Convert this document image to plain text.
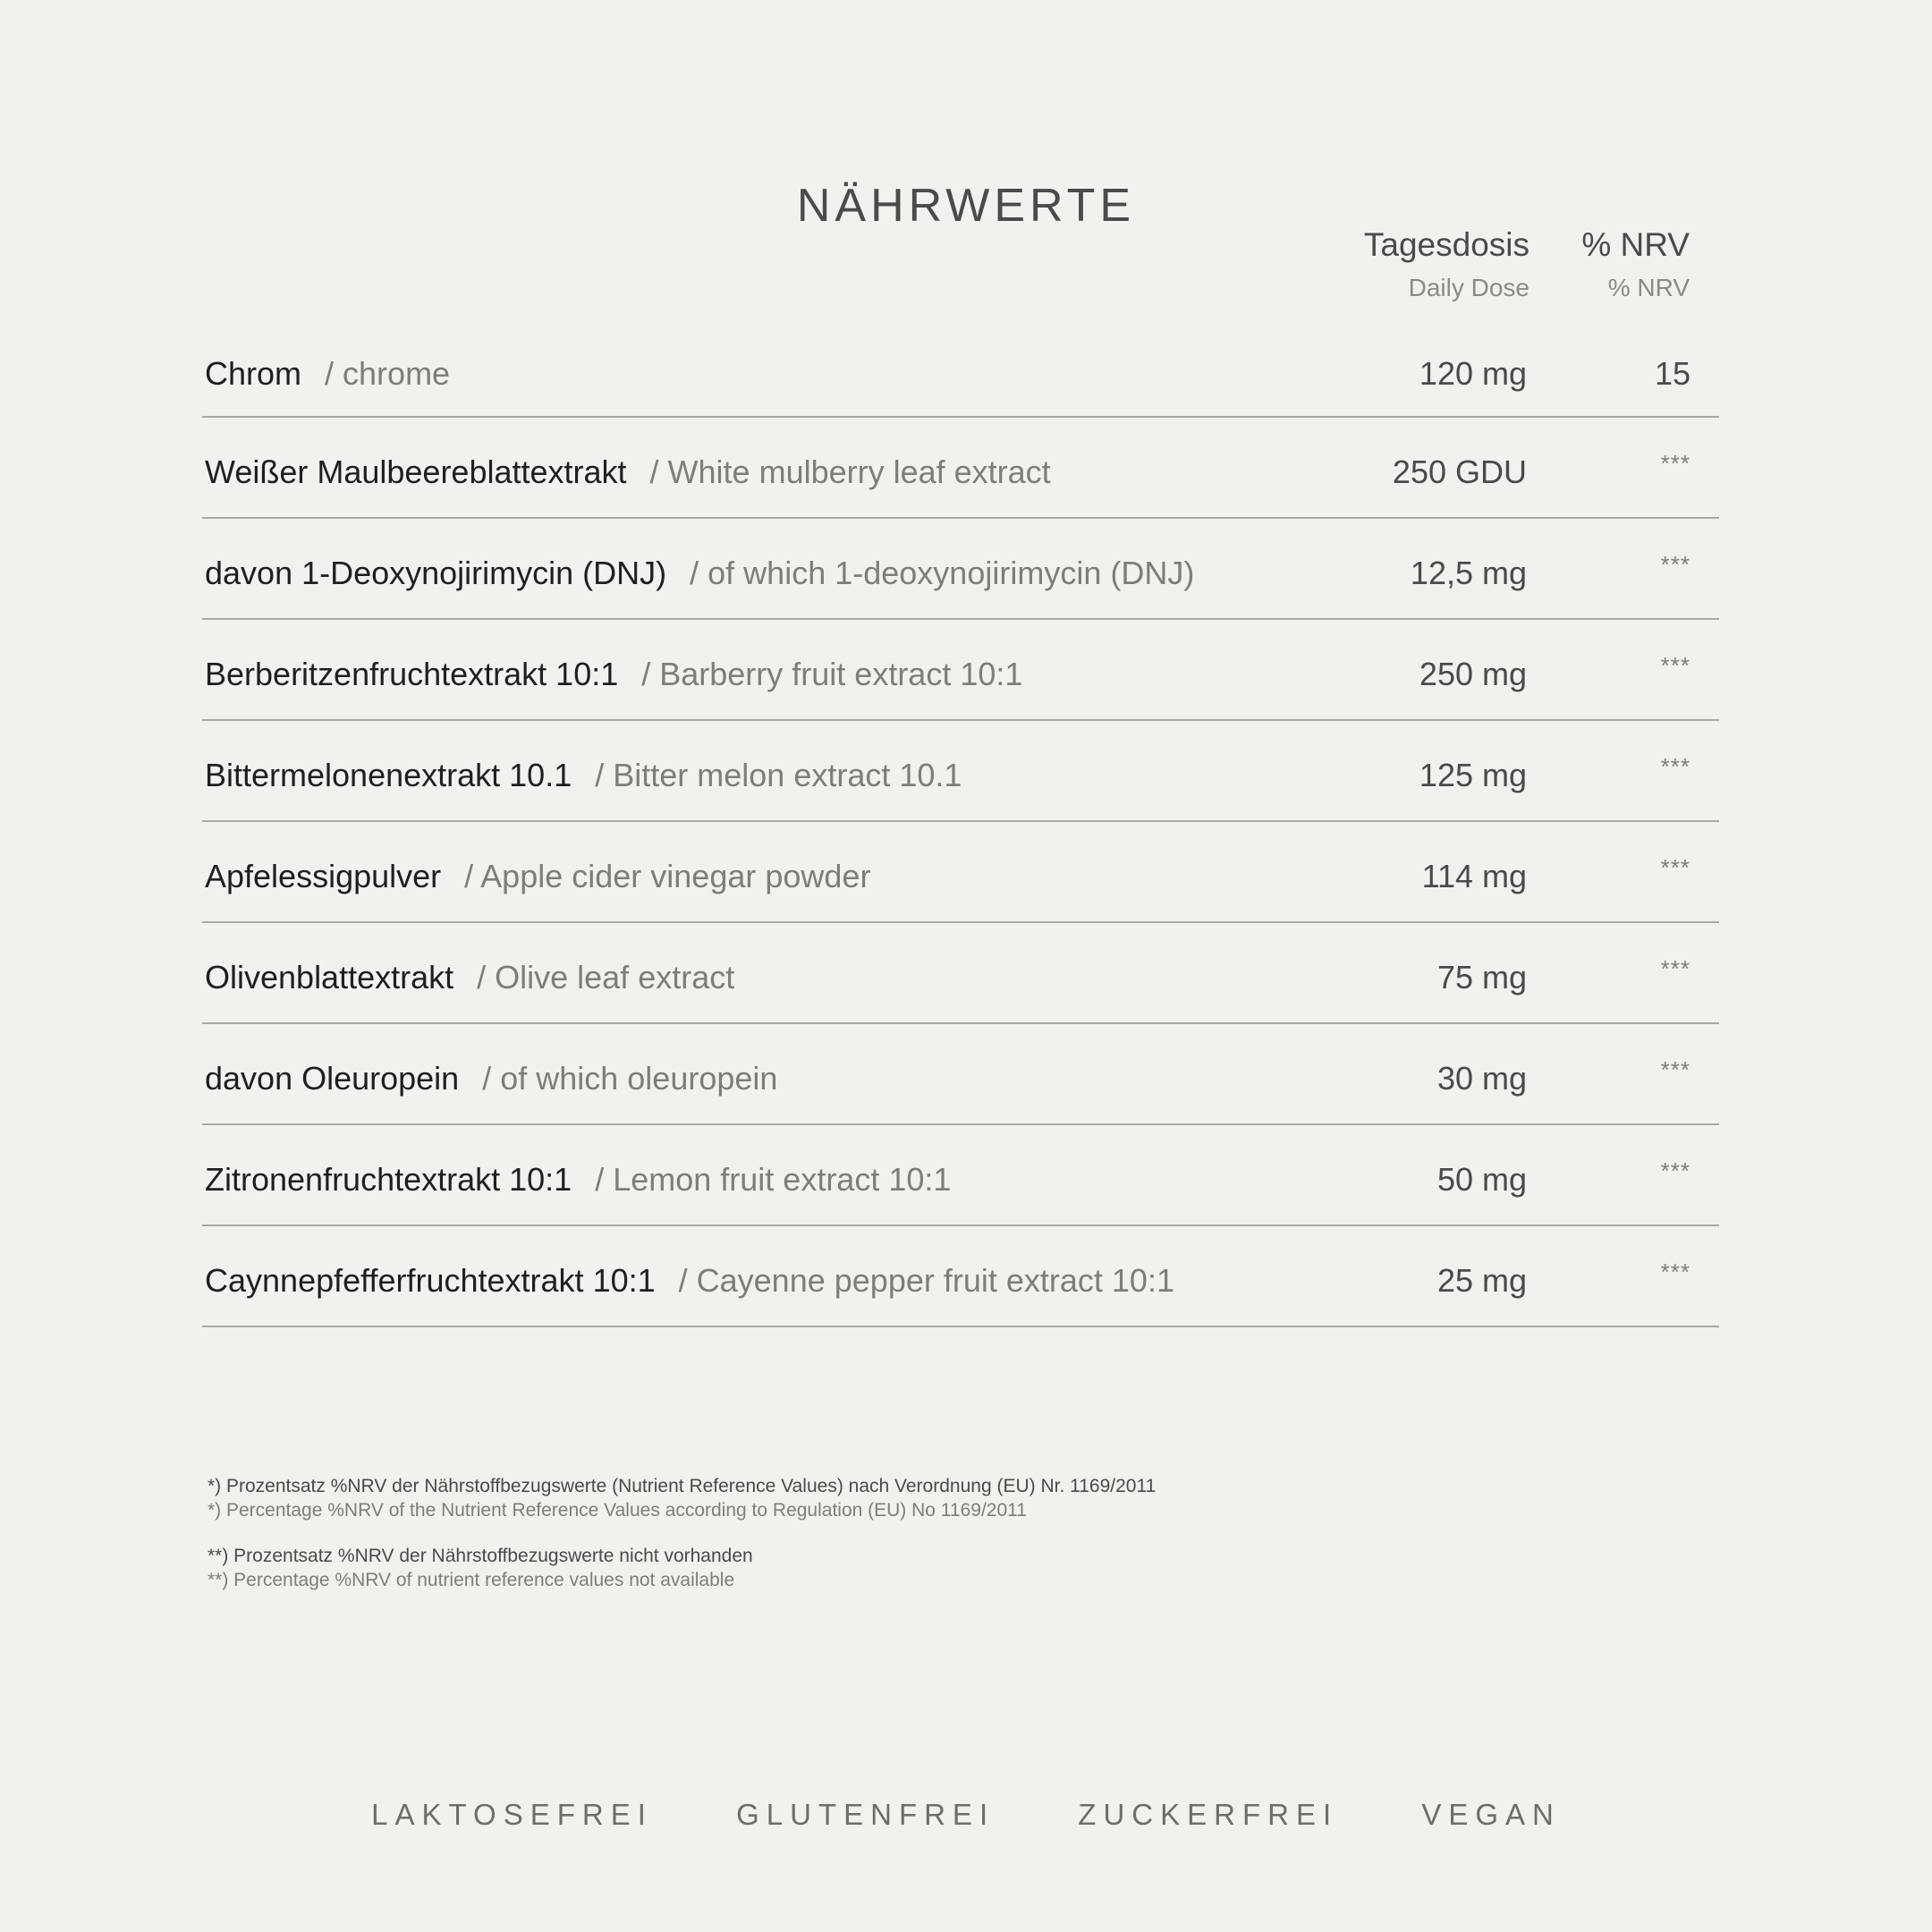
NÄHRWERTE
Tagesdosis
Daily Dose
% NRV
% NRV
Chrom / chrome	120 mg	15
Weißer Maulbeereblattextrakt / White mulberry leaf extract	250 GDU	***
davon 1-Deoxynojirimycin (DNJ) / of which 1-deoxynojirimycin (DNJ)	12,5 mg	***
Berberitzenfruchtextrakt 10:1 / Barberry fruit extract 10:1	250 mg	***
Bittermelonenextrakt 10.1 / Bitter melon extract 10.1	125 mg	***
Apfelessigpulver / Apple cider vinegar powder	114 mg	***
Olivenblattextrakt / Olive leaf extract	75 mg	***
davon Oleuropein / of which oleuropein	30 mg	***
Zitronenfruchtextrakt 10:1 / Lemon fruit extract 10:1	50 mg	***
Caynnepfefferfruchtextrakt 10:1 / Cayenne pepper fruit extract 10:1	25 mg	***
*) Prozentsatz %NRV der Nährstoffbezugswerte (Nutrient Reference Values) nach Verordnung (EU) Nr. 1169/2011
*) Percentage %NRV of the Nutrient Reference Values according to Regulation (EU) No 1169/2011
**) Prozentsatz %NRV der Nährstoffbezugswerte nicht vorhanden
**) Percentage %NRV of nutrient reference values not available
LAKTOSEFREI	GLUTENFREI	ZUCKERFREI	VEGAN
